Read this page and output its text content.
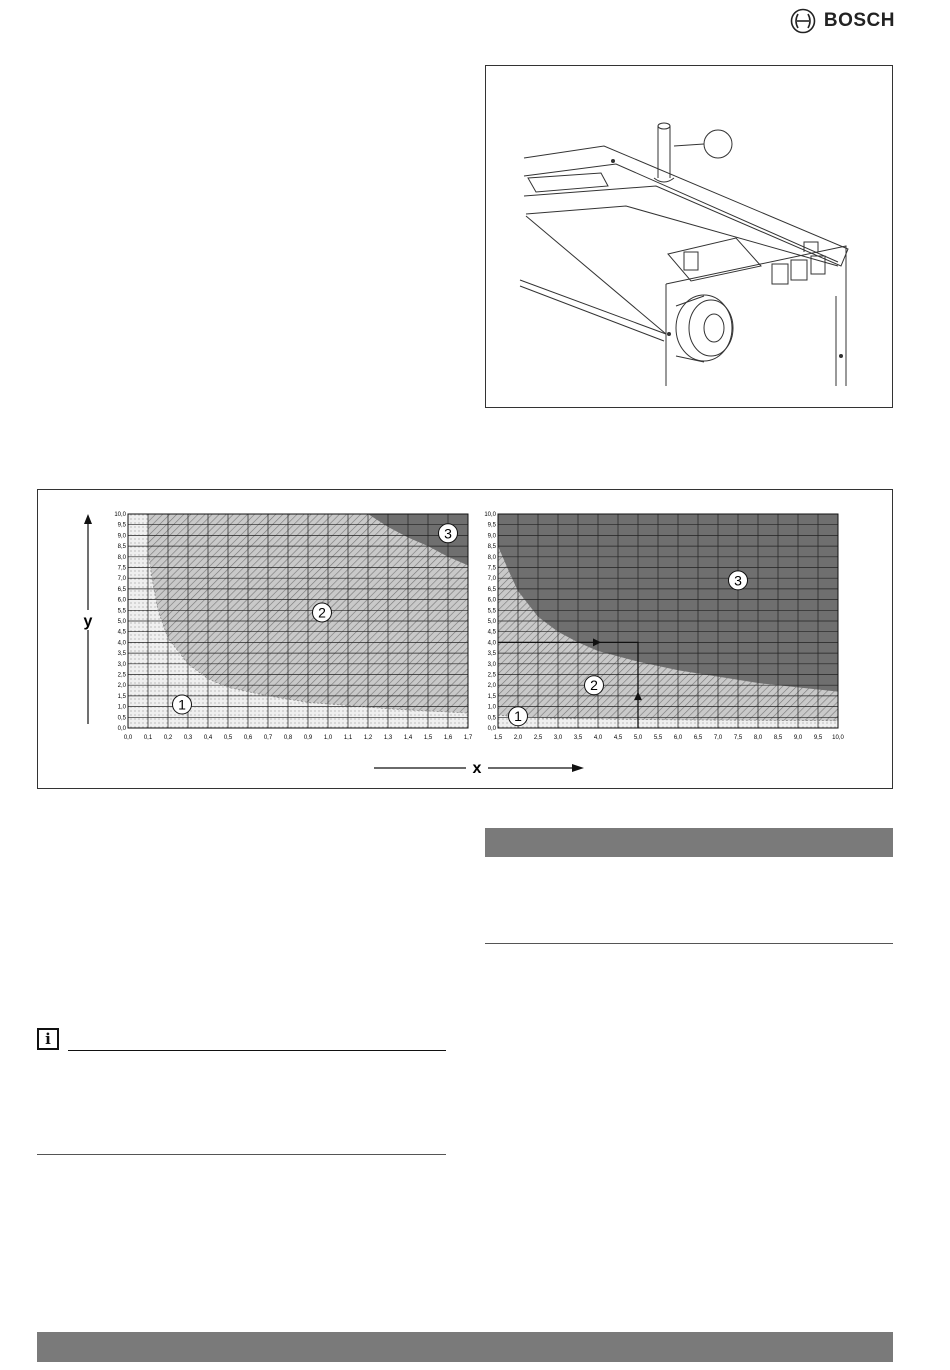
BOSCH
0,0 0,1 0,2 0,3 0,4 0,5 0,6 0,7 0,8 0,9 1,0 1,1 1,2 1,3 1,4 1,5 1,6 1,7
0,0
0,5
1,0
1,5
2,0
2,5
3,0
3,5
4,0
4,5
5,0
5,5
6,0
6,5
7,0
7,5
8,0
8,5
9,0
9,5
10,0
3
2
1
1,5 2,0 2,5 3,0 3,5 4,0 4,5 5,0 5,5 6,0 6,5 7,0 7,5 8,0 8,5 9,0 9,5 10,0
0,0
0,5
1,0
1,5
2,0
2,5
3,0
3,5
4,0
4,5
5,0
5,5
6,0
6,5
7,0
7,5
8,0
8,5
9,0
9,5
10,0
3
2
1
y
x
i
